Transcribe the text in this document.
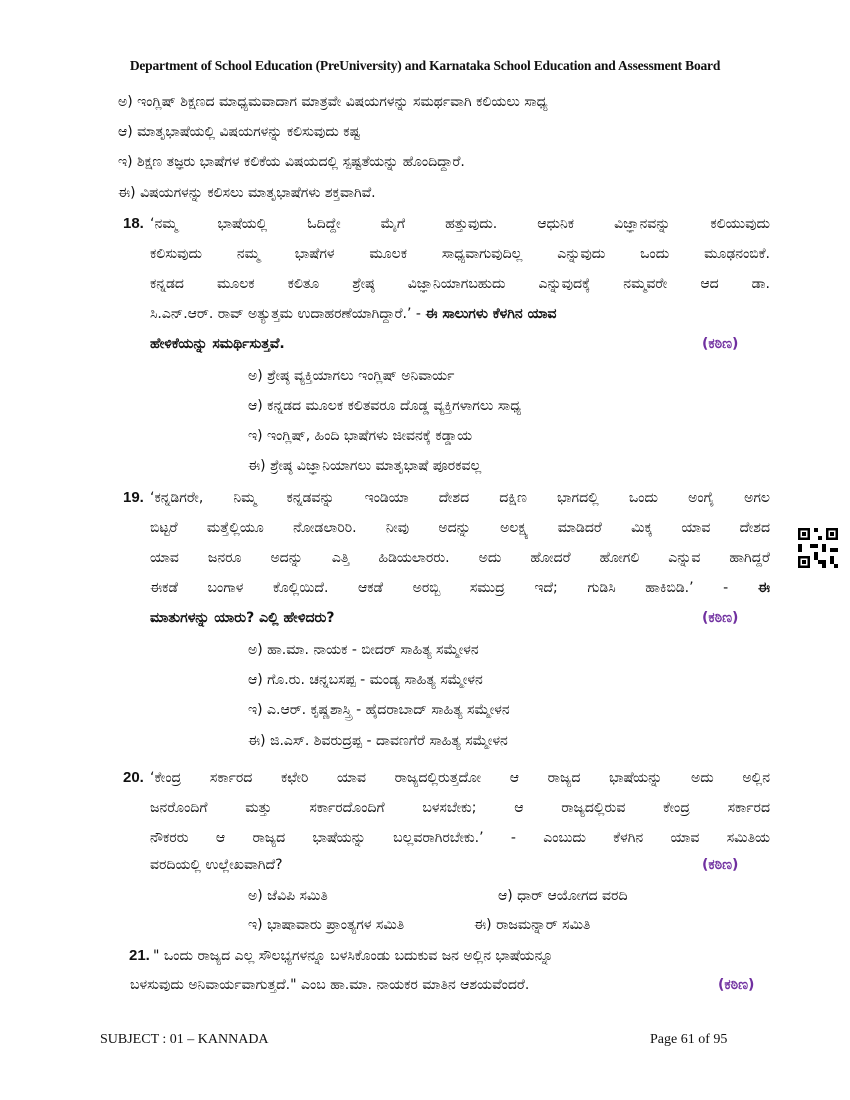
Department of School Education (PreUniversity) and Karnataka School Education and Assessment Board
ಅ) ಇಂಗ್ಲಿಷ್ ಶಿಕ್ಷಣದ ಮಾಧ್ಯಮವಾದಾಗ ಮಾತ್ರವೇ ವಿಷಯಗಳನ್ನು ಸಮರ್ಥವಾಗಿ ಕಲಿಯಲು ಸಾಧ್ಯ
ಆ) ಮಾತೃಭಾಷೆಯಲ್ಲಿ ವಿಷಯಗಳನ್ನು ಕಲಿಸುವುದು ಕಷ್ಟ
ಇ) ಶಿಕ್ಷಣ ತಜ್ಞರು ಭಾಷೆಗಳ ಕಲಿಕೆಯ ವಿಷಯದಲ್ಲಿ ಸ್ಪಷ್ಟತೆಯನ್ನು ಹೊಂದಿದ್ದಾರೆ.
ಈ) ವಿಷಯಗಳನ್ನು ಕಲಿಸಲು ಮಾತೃಭಾಷೆಗಳು ಶಕ್ತವಾಗಿವೆ.
18. ‘ನಮ್ಮ ಭಾಷೆಯಲ್ಲಿ ಓದಿದ್ದೇ ಮೈಗೆ ಹತ್ತುವುದು. ಆಧುನಿಕ ವಿಜ್ಞಾನವನ್ನು ಕಲಿಯುವುದು
ಕಲಿಸುವುದು ನಮ್ಮ ಭಾಷೆಗಳ ಮೂಲಕ ಸಾಧ್ಯವಾಗುವುದಿಲ್ಲ ಎನ್ನುವುದು ಒಂದು ಮೂಢನಂಬಿಕೆ.
ಕನ್ನಡದ ಮೂಲಕ ಕಲಿತೂ ಶ್ರೇಷ್ಠ ವಿಜ್ಞಾನಿಯಾಗಬಹುದು ಎನ್ನುವುದಕ್ಕೆ ನಮ್ಮವರೇ ಆದ ಡಾ.
ಸಿ.ಎನ್.ಆರ್. ರಾವ್ ಅತ್ಯುತ್ತಮ ಉದಾಹರಣೆಯಾಗಿದ್ದಾರೆ.’ - ಈ ಸಾಲುಗಳು ಕೆಳಗಿನ ಯಾವ
ಹೇಳಿಕೆಯನ್ನು ಸಮರ್ಥಿಸುತ್ತವೆ.	(ಕಠಿಣ)
ಅ) ಶ್ರೇಷ್ಠ ವ್ಯಕ್ತಿಯಾಗಲು ಇಂಗ್ಲಿಷ್ ಅನಿವಾರ್ಯ
ಆ) ಕನ್ನಡದ ಮೂಲಕ ಕಲಿತವರೂ ದೊಡ್ಡ ವ್ಯಕ್ತಿಗಳಾಗಲು ಸಾಧ್ಯ
ಇ) ಇಂಗ್ಲಿಷ್, ಹಿಂದಿ ಭಾಷೆಗಳು ಜೀವನಕ್ಕೆ ಕಡ್ಡಾಯ
ಈ) ಶ್ರೇಷ್ಠ ವಿಜ್ಞಾನಿಯಾಗಲು ಮಾತೃಭಾಷೆ ಪೂರಕವಲ್ಲ
19. ‘ಕನ್ನಡಿಗರೇ, ನಿಮ್ಮ ಕನ್ನಡವನ್ನು ಇಂಡಿಯಾ ದೇಶದ ದಕ್ಷಿಣ ಭಾಗದಲ್ಲಿ ಒಂದು ಅಂಗೈ ಅಗಲ
ಬಿಟ್ಟರೆ ಮತ್ತೆಲ್ಲಿಯೂ ನೋಡಲಾರಿರಿ. ನೀವು ಅದನ್ನು ಅಲಕ್ಷ್ಯ ಮಾಡಿದರೆ ಮಿಕ್ಕ ಯಾವ ದೇಶದ
ಯಾವ ಜನರೂ ಅದನ್ನು ಎತ್ತಿ ಹಿಡಿಯಲಾರರು. ಅದು ಹೋದರೆ ಹೋಗಲಿ ಎನ್ನುವ ಹಾಗಿದ್ದರೆ
ಈಕಡೆ ಬಂಗಾಳ ಕೊಲ್ಲಿಯಿದೆ. ಆಕಡೆ ಅರಬ್ಬಿ ಸಮುದ್ರ ಇದೆ; ಗುಡಿಸಿ ಹಾಕಿಬಿಡಿ.’ - ಈ
ಮಾತುಗಳನ್ನು ಯಾರು? ಎಲ್ಲಿ ಹೇಳಿದರು?	(ಕಠಿಣ)
ಅ) ಹಾ.ಮಾ. ನಾಯಕ - ಬೀದರ್ ಸಾಹಿತ್ಯ ಸಮ್ಮೇಳನ
ಆ) ಗೊ.ರು. ಚನ್ನಬಸಪ್ಪ - ಮಂಡ್ಯ ಸಾಹಿತ್ಯ ಸಮ್ಮೇಳನ
ಇ) ಎ.ಆರ್. ಕೃಷ್ಣಶಾಸ್ತ್ರಿ - ಹೈದರಾಬಾದ್ ಸಾಹಿತ್ಯ ಸಮ್ಮೇಳನ
ಈ) ಜಿ.ಎಸ್. ಶಿವರುದ್ರಪ್ಪ - ದಾವಣಗೆರೆ ಸಾಹಿತ್ಯ ಸಮ್ಮೇಳನ
20. ‘ಕೇಂದ್ರ ಸರ್ಕಾರದ ಕಛೇರಿ ಯಾವ ರಾಜ್ಯದಲ್ಲಿರುತ್ತದೋ ಆ ರಾಜ್ಯದ ಭಾಷೆಯನ್ನು ಅದು ಅಲ್ಲಿನ
ಜನರೊಂದಿಗೆ ಮತ್ತು ಸರ್ಕಾರದೊಂದಿಗೆ ಬಳಸಬೇಕು; ಆ ರಾಜ್ಯದಲ್ಲಿರುವ ಕೇಂದ್ರ ಸರ್ಕಾರದ
ನೌಕರರು ಆ ರಾಜ್ಯದ ಭಾಷೆಯನ್ನು ಬಲ್ಲವರಾಗಿರಬೇಕು.’ - ಎಂಬುದು ಕೆಳಗಿನ ಯಾವ ಸಮಿತಿಯ
ವರದಿಯಲ್ಲಿ ಉಲ್ಲೇಖವಾಗಿದೆ?	(ಕಠಿಣ)
ಅ) ಜೆವಿಪಿ ಸಮಿತಿ	ಆ) ಧಾರ್ ಆಯೋಗದ ವರದಿ
ಇ) ಭಾಷಾವಾರು ಪ್ರಾಂತ್ಯಗಳ ಸಮಿತಿ	ಈ) ರಾಜಮನ್ನಾರ್ ಸಮಿತಿ
21. " ಒಂದು ರಾಜ್ಯದ ಎಲ್ಲ ಸೌಲಭ್ಯಗಳನ್ನೂ ಬಳಸಿಕೊಂಡು ಬದುಕುವ ಜನ ಅಲ್ಲಿನ ಭಾಷೆಯನ್ನೂ
ಬಳಸುವುದು ಅನಿವಾರ್ಯವಾಗುತ್ತದೆ." ಎಂಬ ಹಾ.ಮಾ. ನಾಯಕರ ಮಾತಿನ ಆಶಯವೆಂದರೆ.	(ಕಠಿಣ)
SUBJECT : 01 – KANNADA	Page 61 of 95
